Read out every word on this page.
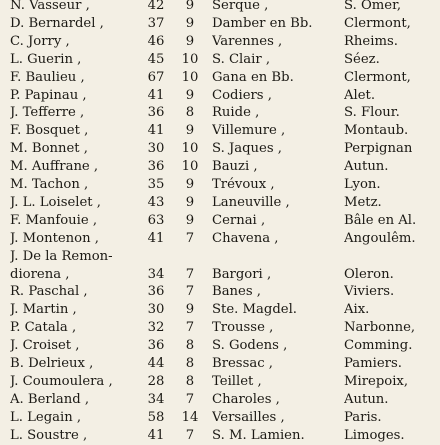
N. Vasseur ,	42	9	Serque ,	S. Omer,
D. Bernardel ,	37	9	Damber en Bb.	Clermont,
C. Jorry ,	46	9	Varennes ,	Rheims.
L. Guerin ,	45	10	S. Clair ,	Séez.
F. Baulieu ,	67	10	Gana en Bb.	Clermont,
P. Papinau ,	41	9	Codiers ,	Alet.
J. Tefferre ,	36	8	Ruide ,	S. Flour.
F. Bosquet ,	41	9	Villemure ,	Montaub.
M. Bonnet ,	30	10	S. Jaques ,	Perpignan
M. Auffrane ,	36	10	Bauzi ,	Autun.
M. Tachon ,	35	9	Trévoux ,	Lyon.
J. L. Loiselet ,	43	9	Laneuville ,	Metz.
F. Manfouie ,	63	9	Cernai ,	Bâle en Al.
J. Montenon ,	41	7	Chavena ,	Angoulêm.
J. De la Remon-
diorena ,	34	7	Bargori ,	Oleron.
R. Paschal ,	36	7	Banes ,	Viviers.
J. Martin ,	30	9	Ste. Magdel.	Aix.
P. Catala ,	32	7	Trousse ,	Narbonne,
J. Croiset ,	36	8	S. Godens ,	Comming.
B. Delrieux ,	44	8	Bressac ,	Pamiers.
J. Coumoulera ,	28	8	Teillet ,	Mirepoix,
A. Berland ,	34	7	Charoles ,	Autun.
L. Legain ,	58	14	Versailles ,	Paris.
L. Soustre ,	41	7	S. M. Lamien.	Limoges.
